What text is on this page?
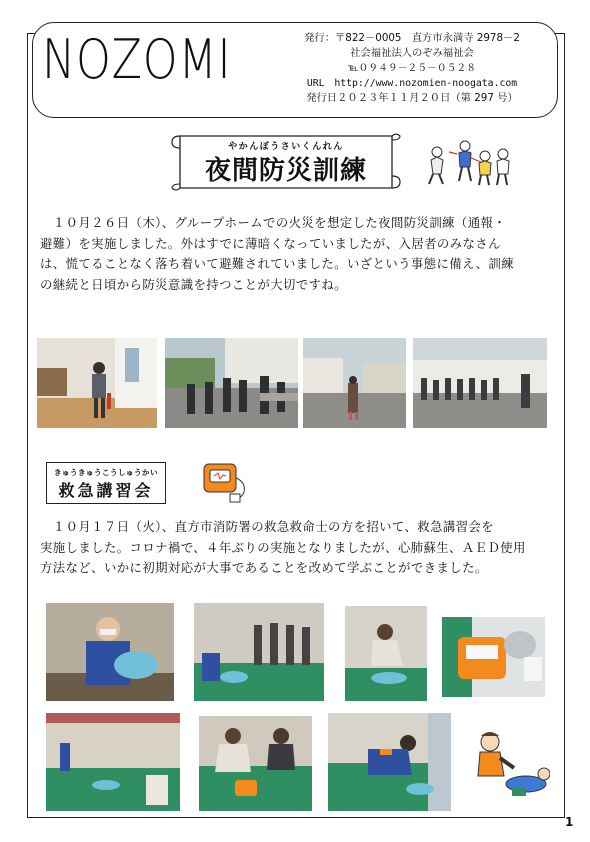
NOZOMI	発行：〒822－0005　直方市永満寺 2978－2
社会福祉法人のぞみ福祉会
℡０９４９－２５－０５２８
URL　http://www.nozomien-noogata.com
発行日２０２３年１１月２０日（第 297 号）
やかんぼうさいくんれん
夜間防災訓練
　１０月２６日（木）、グループホームでの火災を想定した夜間防災訓練（通報・
避難）を実施しました。外はすでに薄暗くなっていましたが、入居者のみなさん
は、慌てることなく落ち着いて避難されていました。いざという事態に備え、訓練
の継続と日頃から防災意識を持つことが大切ですね。
きゅうきゅうこうしゅうかい
救急講習会
　１０月１７日（火）、直方市消防署の救急救命士の方を招いて、救急講習会を
実施しました。コロナ禍で、４年ぶりの実施となりましたが、心肺蘇生、ＡＥＤ使用
方法など、いかに初期対応が大事であることを改めて学ぶことができました。
1
